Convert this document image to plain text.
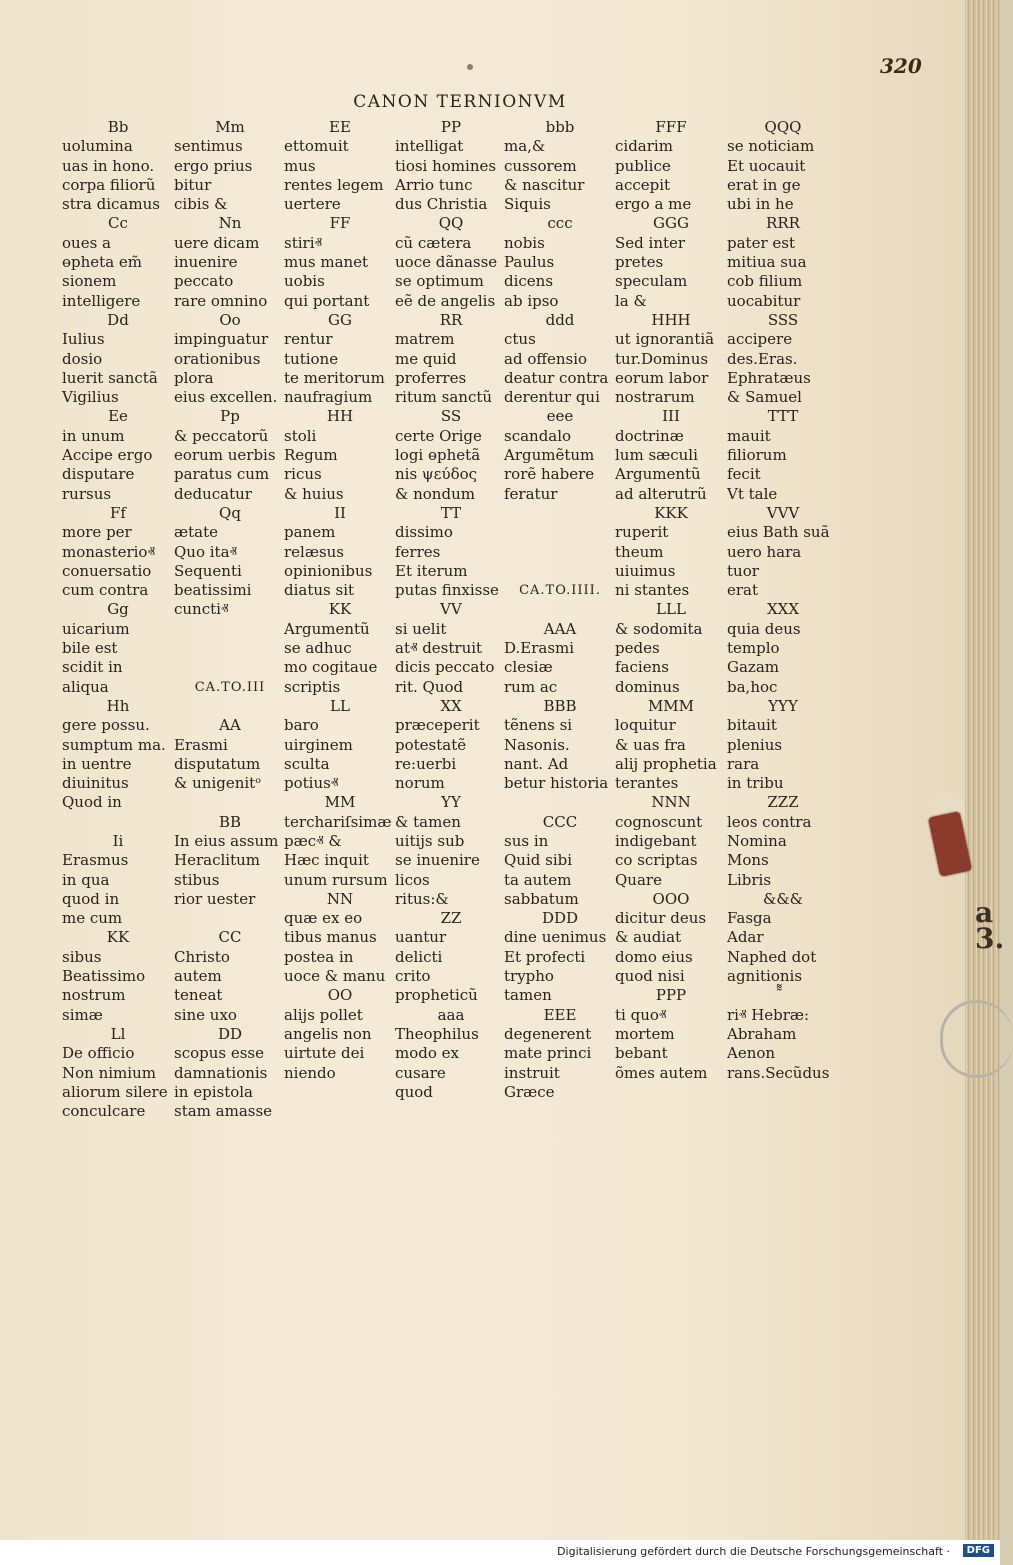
320
CANON TERNIONVM
Bb
uolumina
uas in hono.
corpa filiorũ
stra dicamus
Cc
oues a
ɵpheta em̃
sionem
intelligere
Dd
Iulius
dosio
luerit sanctã
Vigilius
Ee
in unum
Accipe ergo
disputare
rursus
Ff
more per
monasterioⱏ
conuersatio
cum contra
Gg
uicarium
bile est
scidit in
aliqua
Hh
gere possu.
sumptum ma.
in uentre
diuinitus
Quod in
Ii
Erasmus
in qua
quod in
me cum
KK
sibus
Beatissimo
nostrum
simæ
Ll
De officio
Non nimium
aliorum silere
conculcare
Mm
sentimus
ergo prius
bitur
cibis &
Nn
uere dicam
inuenire
peccato
rare omnino
Oo
impinguatur
orationibus
plora
eius excellen.
Pp
& peccatorũ
eorum uerbis
paratus cum
deducatur
Qq
ætate
Quo itaⱏ
Sequenti
beatissimi
cunctiⱏ
CA.TO.III
AA
Erasmi
disputatum
& unigenitᵒ
BB
In eius assum
Heraclitum
stibus
rior uester
CC
Christo
autem
teneat
sine uxo
DD
scopus esse
damnationis
in epistola
stam amasse
EE
ettomuit
mus
rentes legem
uertere
FF
stiriⱏ
mus manet
uobis
qui portant
GG
rentur
tutione
te meritorum
naufragium
HH
stoli
Regum
ricus
& huius
II
panem
relæsus
opinionibus
diatus sit
KK
Argumentũ
se adhuc
mo cogitaue
scriptis
LL
baro
uirginem
sculta
potiusⱏ
MM
terchariſsimæ
pæcⱏ &
Hæc inquit
unum rursum
NN
quæ ex eo
tibus manus
postea in
uoce & manu
OO
alijs pollet
angelis non
uirtute dei
niendo
PP
intelligat
tiosi homines
Arrio tunc
dus Christia
QQ
cũ cætera
uoce dãnasse
se optimum
eẽ de angelis
RR
matrem
me quid
proferres
ritum sanctũ
SS
certe Orige
logi ɵphetã
nis ψεύδος
& nondum
TT
dissimo
ferres
Et iterum
putas finxisse
VV
si uelit
atⱏ destruit
dicis peccato
rit. Quod
XX
præceperit
potestatẽ
re:uerbi
norum
YY
& tamen
uitijs sub
se inuenire
licos
ritus:&
ZZ
uantur
delicti
crito
propheticũ
aaa
Theophilus
modo ex
cusare
quod
bbb
ma,&
cussorem
& nascitur
Siquis
ccc
nobis
Paulus
dicens
ab ipso
ddd
ctus
ad offensio
deatur contra
derentur qui
eee
scandalo
Argumẽtum
rorẽ habere
feratur
CA.TO.IIII.
AAA
D.Erasmi
clesiæ
rum ac
BBB
tẽnens si
Nasonis.
nant. Ad
betur historia
CCC
sus in
Quid sibi
ta autem
sabbatum
DDD
dine uenimus
Et profecti
trypho
tamen
EEE
degenerent
mate princi
instruit
Græce
FFF
cidarim
publice
accepit
ergo a me
GGG
Sed inter
pretes
speculam
la &
HHH
ut ignorantiã
tur.Dominus
eorum labor
nostrarum
III
doctrinæ
lum sæculi
Argumentũ
ad alterutrũ
KKK
ruperit
theum
uiuimus
ni stantes
LLL
& sodomita
pedes
faciens
dominus
MMM
loquitur
& uas fra
alij prophetia
terantes
NNN
cognoscunt
indigebant
co scriptas
Quare
OOO
dicitur deus
& audiat
domo eius
quod nisi
PPP
ti quoⱏ
mortem
bebant
õmes autem
QQQ
se noticiam
Et uocauit
erat in ge
ubi in he
RRR
pater est
mitiua sua
cob filium
uocabitur
SSS
accipere
des.Eras.
Ephratæus
& Samuel
TTT
mauit
filiorum
fecit
Vt tale
VVV
eius Bath suã
uero hara
tuor
erat
XXX
quia deus
templo
Gazam
ba,hoc
YYY
bitauit
plenius
rara
in tribu
ZZZ
leos contra
Nomina
Mons
Libris
&&&
Fasga
Adar
Naphed dot
agnitionis
riⱏ Hebræ:
Abraham
Aenon
rans.Secũdus
a
3.
Digitalisierung gefördert durch die Deutsche Forschungsgemeinschaft ·	DFG
